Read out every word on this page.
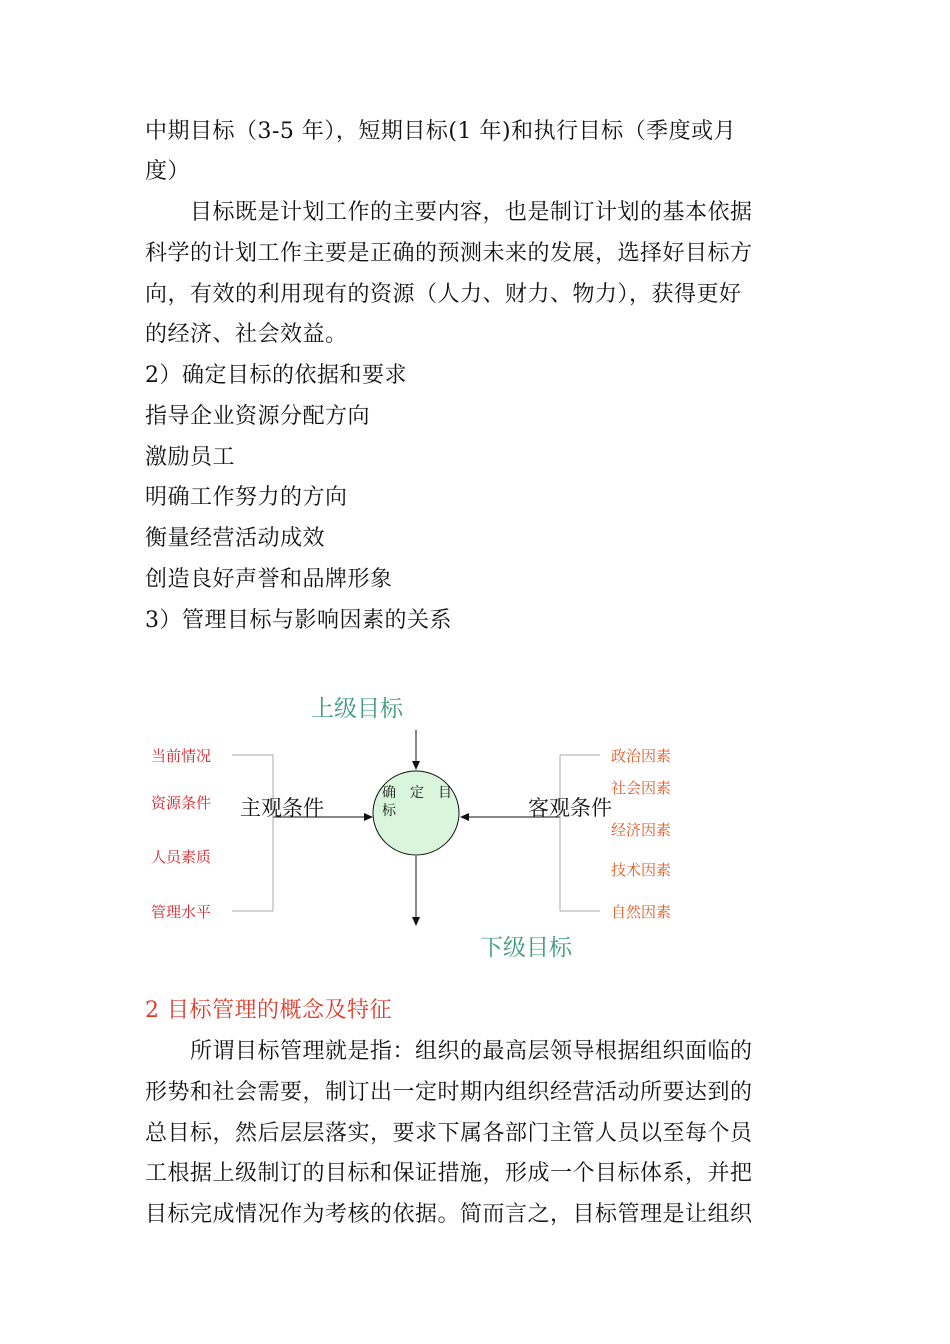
中期目标（3-5 年），短期目标(1 年)和执行目标（季度或月
度）
目标既是计划工作的主要内容，也是制订计划的基本依据
科学的计划工作主要是正确的预测未来的发展，选择好目标方
向，有效的利用现有的资源（人力、财力、物力），获得更好
的经济、社会效益。
2）确定目标的依据和要求
指导企业资源分配方向
激励员工
明确工作努力的方向
衡量经营活动成效
创造良好声誉和品牌形象
3）管理目标与影响因素的关系
上级目标
下级目标
主观条件	客观条件
确　定　目
标
当前情况
资源条件
人员素质
管理水平
政治因素
社会因素
经济因素
技术因素
自然因素
2 目标管理的概念及特征
所谓目标管理就是指：组织的最高层领导根据组织面临的
形势和社会需要，制订出一定时期内组织经营活动所要达到的
总目标，然后层层落实，要求下属各部门主管人员以至每个员
工根据上级制订的目标和保证措施，形成一个目标体系，并把
目标完成情况作为考核的依据。简而言之，目标管理是让组织
